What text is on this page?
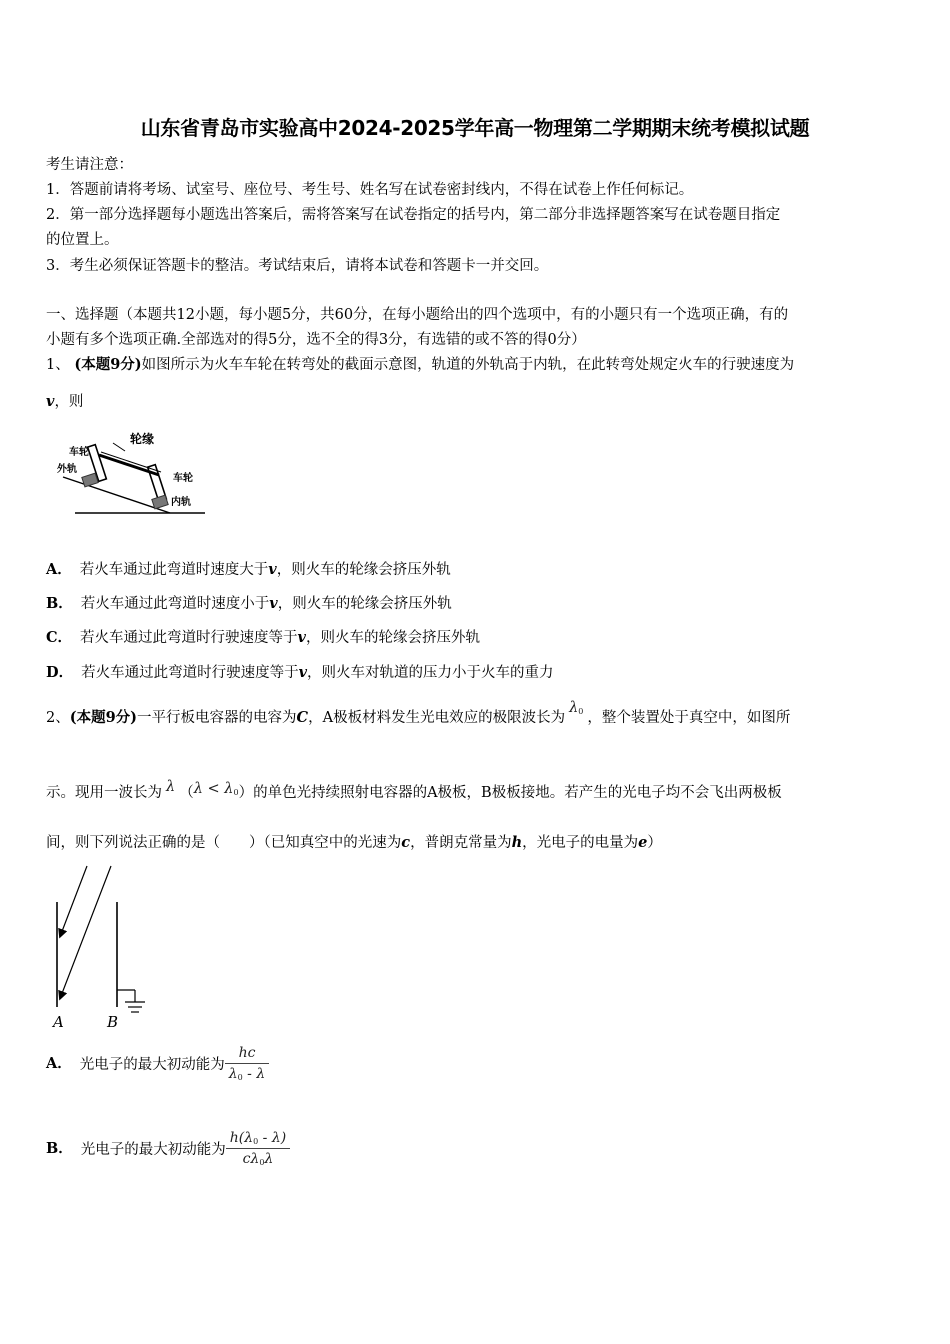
山东省青岛市实验高中2024-2025学年高一物理第二学期期末统考模拟试题
考生请注意：
1．答题前请将考场、试室号、座位号、考生号、姓名写在试卷密封线内，不得在试卷上作任何标记。
2．第一部分选择题每小题选出答案后，需将答案写在试卷指定的括号内，第二部分非选择题答案写在试卷题目指定
的位置上。
3．考生必须保证答题卡的整洁。考试结束后，请将本试卷和答题卡一并交回。
一、选择题（本题共12小题，每小题5分，共60分，在每小题给出的四个选项中，有的小题只有一个选项正确，有的
小题有多个选项正确.全部选对的得5分，选不全的得3分，有选错的或不答的得0分）
1、 (本题9分)如图所示为火车车轮在转弯处的截面示意图，轨道的外轨高于内轨，在此转弯处规定火车的行驶速度为
v，则
轮缘
车轮
外轨
车轮
内轨
A． 若火车通过此弯道时速度大于v，则火车的轮缘会挤压外轨
B． 若火车通过此弯道时速度小于v，则火车的轮缘会挤压外轨
C． 若火车通过此弯道时行驶速度等于v，则火车的轮缘会挤压外轨
D． 若火车通过此弯道时行驶速度等于v，则火车对轨道的压力小于火车的重力
2、(本题9分)一平行板电容器的电容为C，A极板材料发生光电效应的极限波长为$\lambda_0$ ，整个装置处于真空中，如图所
示。现用一波长为 λ $(\lambda < \lambda_0)$的单色光持续照射电容器的A极板，B极板接地。若产生的光电子均不会飞出两极板
间，则下列说法正确的是（　　）（已知真空中的光速为c，普朗克常量为h，光电子的电量为e）
A	B
A． 光电子的最大初动能为 $\frac{hc}{\lambda_0 - \lambda}$
B． 光电子的最大初动能为 $\frac{h(\lambda_0 - \lambda)}{c\lambda_0\lambda}$
